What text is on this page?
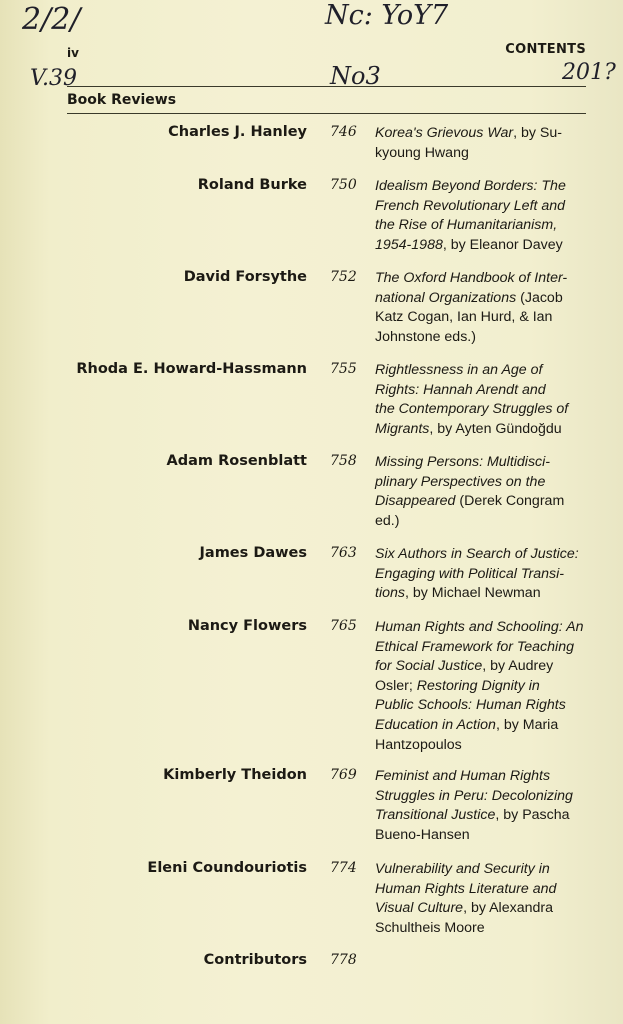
2/2/	Nc: YoY7
V.39	No3	201?
iv	CONTENTS
Book Reviews
Charles J. Hanley 746 Korea's Grievous War, by Su-
kyoung Hwang
Roland Burke 750 Idealism Beyond Borders: The
French Revolutionary Left and
the Rise of Humanitarianism,
1954-1988, by Eleanor Davey
David Forsythe 752 The Oxford Handbook of Inter-
national Organizations (Jacob
Katz Cogan, Ian Hurd, & Ian
Johnstone eds.)
Rhoda E. Howard-Hassmann 755 Rightlessness in an Age of
Rights: Hannah Arendt and
the Contemporary Struggles of
Migrants, by Ayten Gündoğdu
Adam Rosenblatt 758 Missing Persons: Multidisci-
plinary Perspectives on the
Disappeared (Derek Congram
ed.)
James Dawes 763 Six Authors in Search of Justice:
Engaging with Political Transi-
tions, by Michael Newman
Nancy Flowers 765 Human Rights and Schooling: An
Ethical Framework for Teaching
for Social Justice, by Audrey
Osler; Restoring Dignity in
Public Schools: Human Rights
Education in Action, by Maria
Hantzopoulos
Kimberly Theidon 769 Feminist and Human Rights
Struggles in Peru: Decolonizing
Transitional Justice, by Pascha
Bueno-Hansen
Eleni Coundouriotis 774 Vulnerability and Security in
Human Rights Literature and
Visual Culture, by Alexandra
Schultheis Moore
Contributors 778
